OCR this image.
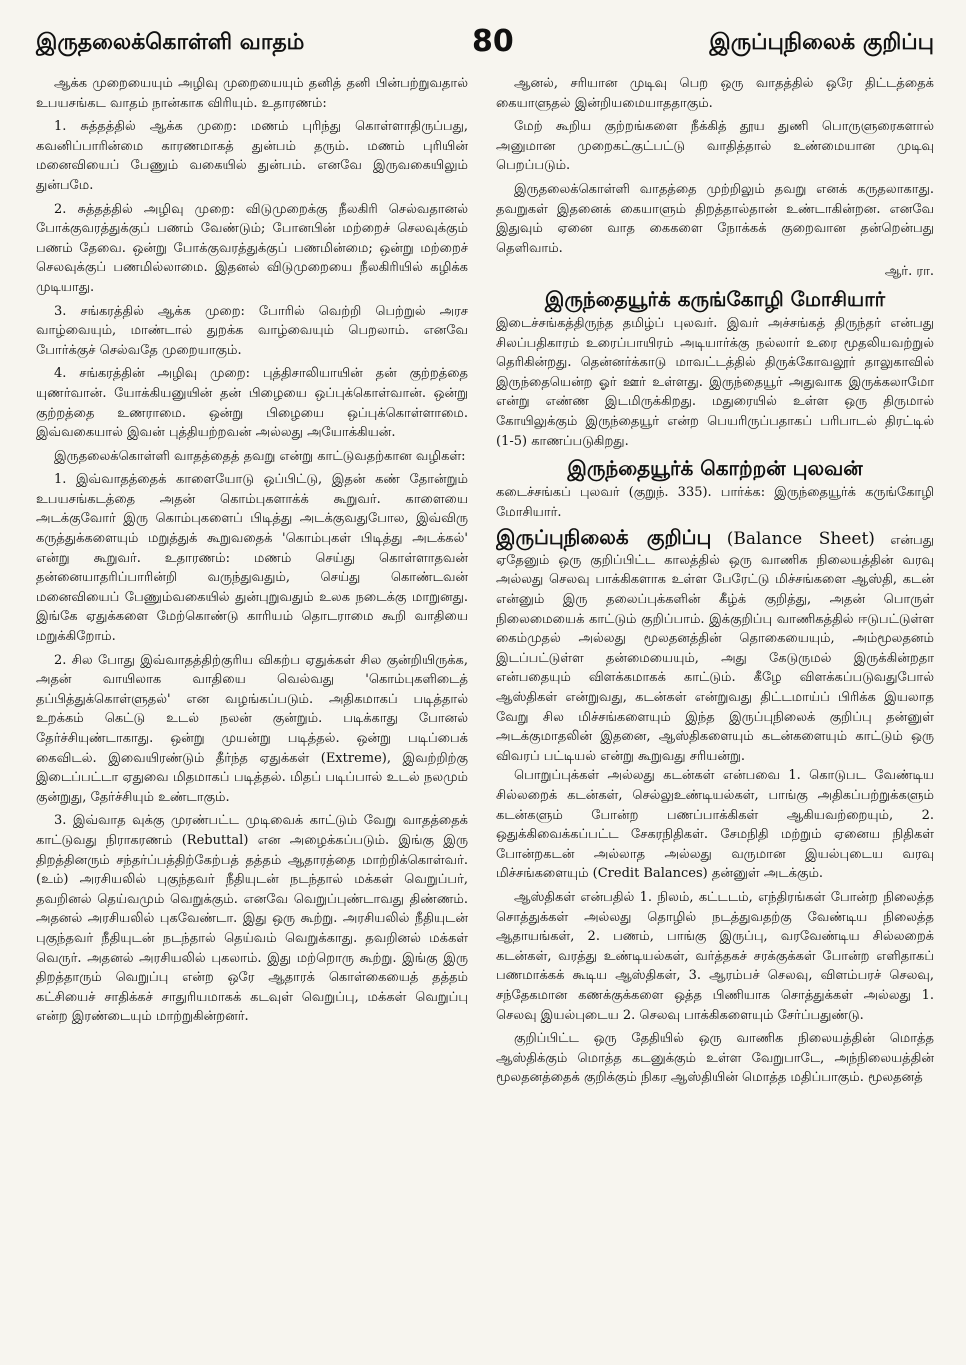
இருதலைக்கொள்ளி வாதம்	80	இருப்புநிலைக் குறிப்பு

ஆக்க முறையையும் அழிவு முறையையும் தனித் தனி பின்பற்றுவதால் உபயசங்கட வாதம் நான்காக விரியும். உதாரணம்:

1. சுத்தத்தில் ஆக்க முறை: மணம் புரிந்து கொள்ளாதிருப்பது, கவனிப்பாரின்மை காரணமாகத் துன்பம் தரும். மணம் புரியின் மனைவியைப் பேணும் வகையில் துன்பம். எனவே இருவகையிலும் துன்பமே.

2. சுத்தத்தில் அழிவு முறை: விடுமுறைக்கு நீலகிரி செல்வதானல் போக்குவரத்துக்குப் பணம் வேண்டும்; போனபின் மற்றைச் செலவுக்கும் பணம் தேவை. ஒன்று போக்குவரத்துக்குப் பணமின்மை; ஒன்று மற்றைச் செலவுக்குப் பணமில்லாமை. இதனல் விடுமுறையை நீலகிரியில் கழிக்க முடியாது.

3. சங்கரத்தில் ஆக்க முறை: போரில் வெற்றி பெற்றுல் அரச வாழ்வையும், மாண்டால் துறக்க வாழ்வையும் பெறலாம். எனவே போர்க்குச் செல்வதே முறையாகும்.

4. சங்கரத்தின் அழிவு முறை: புத்திசாலியாயின் தன் குற்றத்தை யுணர்வான். யோக்கியனுயின் தன் பிழையை ஒப்புக்கொள்வான். ஒன்று குற்றத்தை உணராமை. ஒன்று பிழையை ஒப்புக்கொள்ளாமை. இவ்வகையால் இவன் புத்தியற்றவன் அல்லது அயோக்கியன்.

இருதலைக்கொள்ளி வாதத்தைத் தவறு என்று காட்டுவதற்கான வழிகள்:

1. இவ்வாதத்தைக் காளையோடு ஒப்பிட்டு, இதன் கண் தோன்றும் உபயசங்கடத்தை அதன் கொம்புகளாக்க் கூறுவர். காளையை அடக்குவோர் இரு கொம்புகளைப் பிடித்து அடக்குவதுபோல, இவ்விரு கருத்துக்களையும் மறுத்துக் கூறுவதைக் 'கொம்புகள் பிடித்து அடக்கல்' என்று கூறுவர். உதாரணம்: மணம் செய்து கொள்ளாதவன் தன்னையாதரிப்பாரின்றி வருந்துவதும், செய்து கொண்டவன் மனைவியைப் பேணும்வகையில் துன்புறுவதும் உலக நடைக்கு மாறுனது. இங்கே ஏதுக்களை மேற்கொண்டு காரியம் தொடராமை கூறி வாதியை மறுக்கிறோம்.

2. சில போது இவ்வாதத்திற்குரிய விகற்ப ஏதுக்கள் சில குன்றியிருக்க, அதன் வாயிலாக வாதியை வெல்வது 'கொம்புகளிடைத் தப்பித்துக்கொள்ளுதல்' என வழங்கப்படும். அதிகமாகப் படித்தால் உறக்கம் கெட்டு உடல் நலன் குன்றும். படிக்காது போனல் தேர்ச்சியுண்டாகாது. ஒன்று முயன்று படித்தல். ஒன்று படிப்பைக் கைவிடல். இவையிரண்டும் தீர்ந்த ஏதுக்கள் (Extreme), இவற்றிற்கு இடைப்பட்டா ஏதுவை மிதமாகப் படித்தல். மிதப் படிப்பால் உடல் நலமும் குன்றுது, தேர்ச்சியும் உண்டாகும்.

3. இவ்வாத வுக்கு முரண்பட்ட முடிவைக் காட்டும் வேறு வாதத்தைக் காட்டுவது நிராகரணம் (Rebuttal) என அழைக்கப்படும். இங்கு இரு திறத்தினரும் சந்தர்ப்பத்திற்கேற்பத் தத்தம் ஆதாரத்தை மாற்றிக்கொள்வர். (உம்) அரசியலில் புகுந்தவர் நீதியுடன் நடந்தால் மக்கள் வெறுப்பர், தவறினல் தெய்வமும் வெறுக்கும். எனவே வெறுப்புண்டாவது திண்ணம். அதனல் அரசியலில் புகவேண்டா. இது ஒரு கூற்று. அரசியலில் நீதியுடன் புகுந்தவர் நீதியுடன் நடந்தால் தெய்வம் வெறுக்காது. தவறினல் மக்கள் வெருர். அதனல் அரசியலில் புகலாம். இது மற்றொரு கூற்று. இங்கு இரு திறத்தாரும் வெறுப்பு என்ற ஒரே ஆதாரக் கொள்கையைத் தத்தம் கட்சியைச் சாதிக்கச் சாதுரியமாகக் கடவுள் வெறுப்பு, மக்கள் வெறுப்பு என்ற இரண்டையும் மாற்றுகின்றனர்.

ஆனல், சரியான முடிவு பெற ஒரு வாதத்தில் ஒரே திட்டத்தைக் கையாளுதல் இன்றியமையாததாகும்.

மேற் கூறிய குற்றங்களை நீக்கித் தூய துணி பொருளுரைகளால் அனுமான முறைகட்குட்பட்டு வாதித்தால் உண்மையான முடிவு பெறப்படும்.

இருதலைக்கொள்ளி வாதத்தை முற்றிலும் தவறு எனக் கருதலாகாது. தவறுகள் இதனைக் கையாளும் திறத்தால்தான் உண்டாகின்றன. எனவே இதுவும் ஏனை வாத கைகளை நோக்கக் குறைவான தன்றென்பது தெளிவாம்.

ஆர். ரா.

இருந்தையூர்க் கருங்கோழி மோசியார்

இடைச்சங்கத்திருந்த தமிழ்ப் புலவர். இவர் அச்சங்கத் திருந்தர் என்பது சிலப்பதிகாரம் உரைப்பாயிரம் அடியார்க்கு நல்லார் உரை மூதலியவற்றுல் தெரிகின்றது. தென்னர்க்காடு மாவட்டத்தில் திருக்கோவலூர் தாலுகாவில் இருந்தையென்ற ஓர் ஊர் உள்ளது. இருந்தையூர் அதுவாக இருக்கலாமோ என்று எண்ண இடமிருக்கிறது. மதுரையில் உள்ள ஒரு திருமால் கோயிலுக்கும் இருந்தையூர் என்ற பெயரிருப்பதாகப் பரிபாடல் திரட்டில் (1-5) காணப்படுகிறது.

இருந்தையூர்க் கொற்றன் புலவன்

கடைச்சங்கப் புலவர் (குறுந். 335). பார்க்க: இருந்தையூர்க் கருங்கோழி மோசியார்.

இருப்புநிலைக் குறிப்பு (Balance Sheet) என்பது ஏதேனும் ஒரு குறிப்பிட்ட காலத்தில் ஒரு வாணிக நிலையத்தின் வரவு அல்லது செலவு பாக்கிகளாக உள்ள பேரேட்டு மிச்சங்களை ஆஸ்தி, கடன் என்னும் இரு தலைப்புக்களின் கீழ்க் குறித்து, அதன் பொருள் நிலைமையைக் காட்டும் குறிப்பாம். இக்குறிப்பு வாணிகத்தில் ஈடுபட்டுள்ள கைம்முதல் அல்லது மூலதனத்தின் தொகையையும், அம்மூலதனம் இடப்பட்டுள்ள தன்மையையும், அது கேடுருமல் இருக்கின்றதா என்பதையும் விளக்கமாகக் காட்டும். கீழே விளக்கப்படுவதுபோல் ஆஸ்திகள் என்றுவது, கடன்கள் என்றுவது திட்டமாய்ப் பிரிக்க இயலாத வேறு சில மிச்சங்களையும் இந்த இருப்புநிலைக் குறிப்பு தன்னுள் அடக்குமாதலின் இதனை, ஆஸ்திகளையும் கடன்களையும் காட்டும் ஒரு விவரப் பட்டியல் என்று கூறுவது சரியன்று.

பொறுப்புக்கள் அல்லது கடன்கள் என்பவை 1. கொடுபட வேண்டிய சில்லறைக் கடன்கள், செல்லுஉண்டியல்கள், பாங்கு அதிகப்பற்றுக்களும் கடன்களும் போன்ற பணப்பாக்கிகள் ஆகியவற்றையும், 2. ஒதுக்கிவைக்கப்பட்ட சேகரநிதிகள். சேமநிதி மற்றும் ஏனைய நிதிகள் போன்றகடன் அல்லாத அல்லது வருமான இயல்புடைய வரவு மிச்சங்களையும் (Credit Balances) தன்னுள் அடக்கும்.

ஆஸ்திகள் என்பதில் 1. நிலம், கட்டடம், எந்திரங்கள் போன்ற நிலைத்த சொத்துக்கள் அல்லது தொழில் நடத்துவதற்கு வேண்டிய நிலைத்த ஆதாயங்கள், 2. பணம், பாங்கு இருப்பு, வரவேண்டிய சில்லறைக் கடன்கள், வரத்து உண்டியல்கள், வர்த்தகச் சரக்குக்கள் போன்ற எளிதாகப் பணமாக்கக் கூடிய ஆஸ்திகள், 3. ஆரம்பச் செலவு, விளம்பரச் செலவு, சந்தேகமான கணக்குக்களை ஒத்த பிணியாக சொத்துக்கள் அல்லது 1. செலவு இயல்புடைய 2. செலவு பாக்கிகளையும் சேர்ப்பதுண்டு.

குறிப்பிட்ட ஒரு தேதியில் ஒரு வாணிக நிலையத்தின் மொத்த ஆஸ்திக்கும் மொத்த கடனுக்கும் உள்ள வேறுபாடே, அந்நிலையத்தின் மூலதனத்தைக் குறிக்கும் நிகர ஆஸ்தியின் மொத்த மதிப்பாகும். மூலதனத்
